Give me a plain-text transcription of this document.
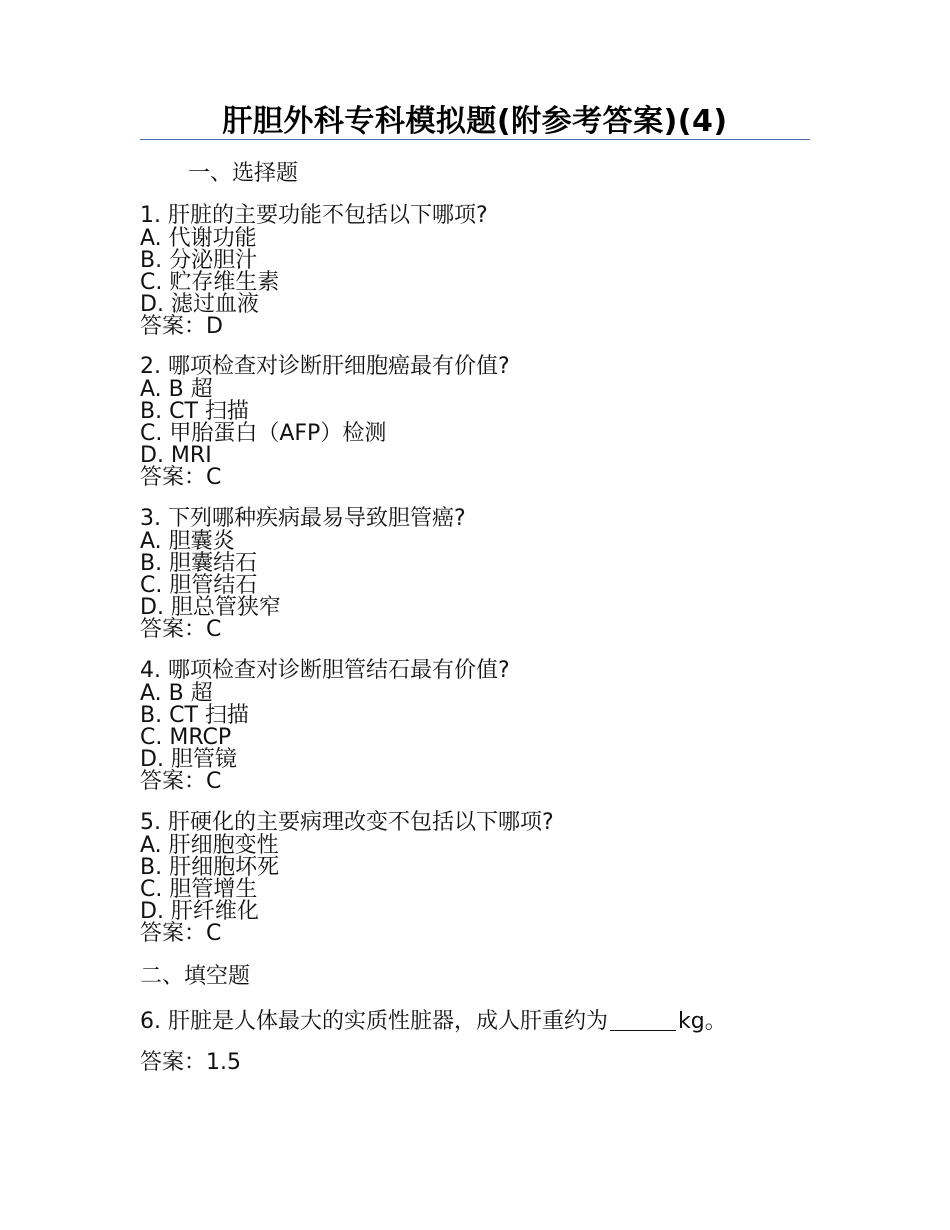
肝胆外科专科模拟题(附参考答案)(4)
一、选择题
1. 肝脏的主要功能不包括以下哪项?
A. 代谢功能
B. 分泌胆汁
C. 贮存维生素
D. 滤过血液
答案：D
2. 哪项检查对诊断肝细胞癌最有价值?
A. B 超
B. CT 扫描
C. 甲胎蛋白（AFP）检测
D. MRI
答案：C
3. 下列哪种疾病最易导致胆管癌?
A. 胆囊炎
B. 胆囊结石
C. 胆管结石
D. 胆总管狭窄
答案：C
4. 哪项检查对诊断胆管结石最有价值?
A. B 超
B. CT 扫描
C. MRCP
D. 胆管镜
答案：C
5. 肝硬化的主要病理改变不包括以下哪项?
A. 肝细胞变性
B. 肝细胞坏死
C. 胆管增生
D. 肝纤维化
答案：C
二、填空题
6. 肝脏是人体最大的实质性脏器，成人肝重约为	kg。
答案：1.5
